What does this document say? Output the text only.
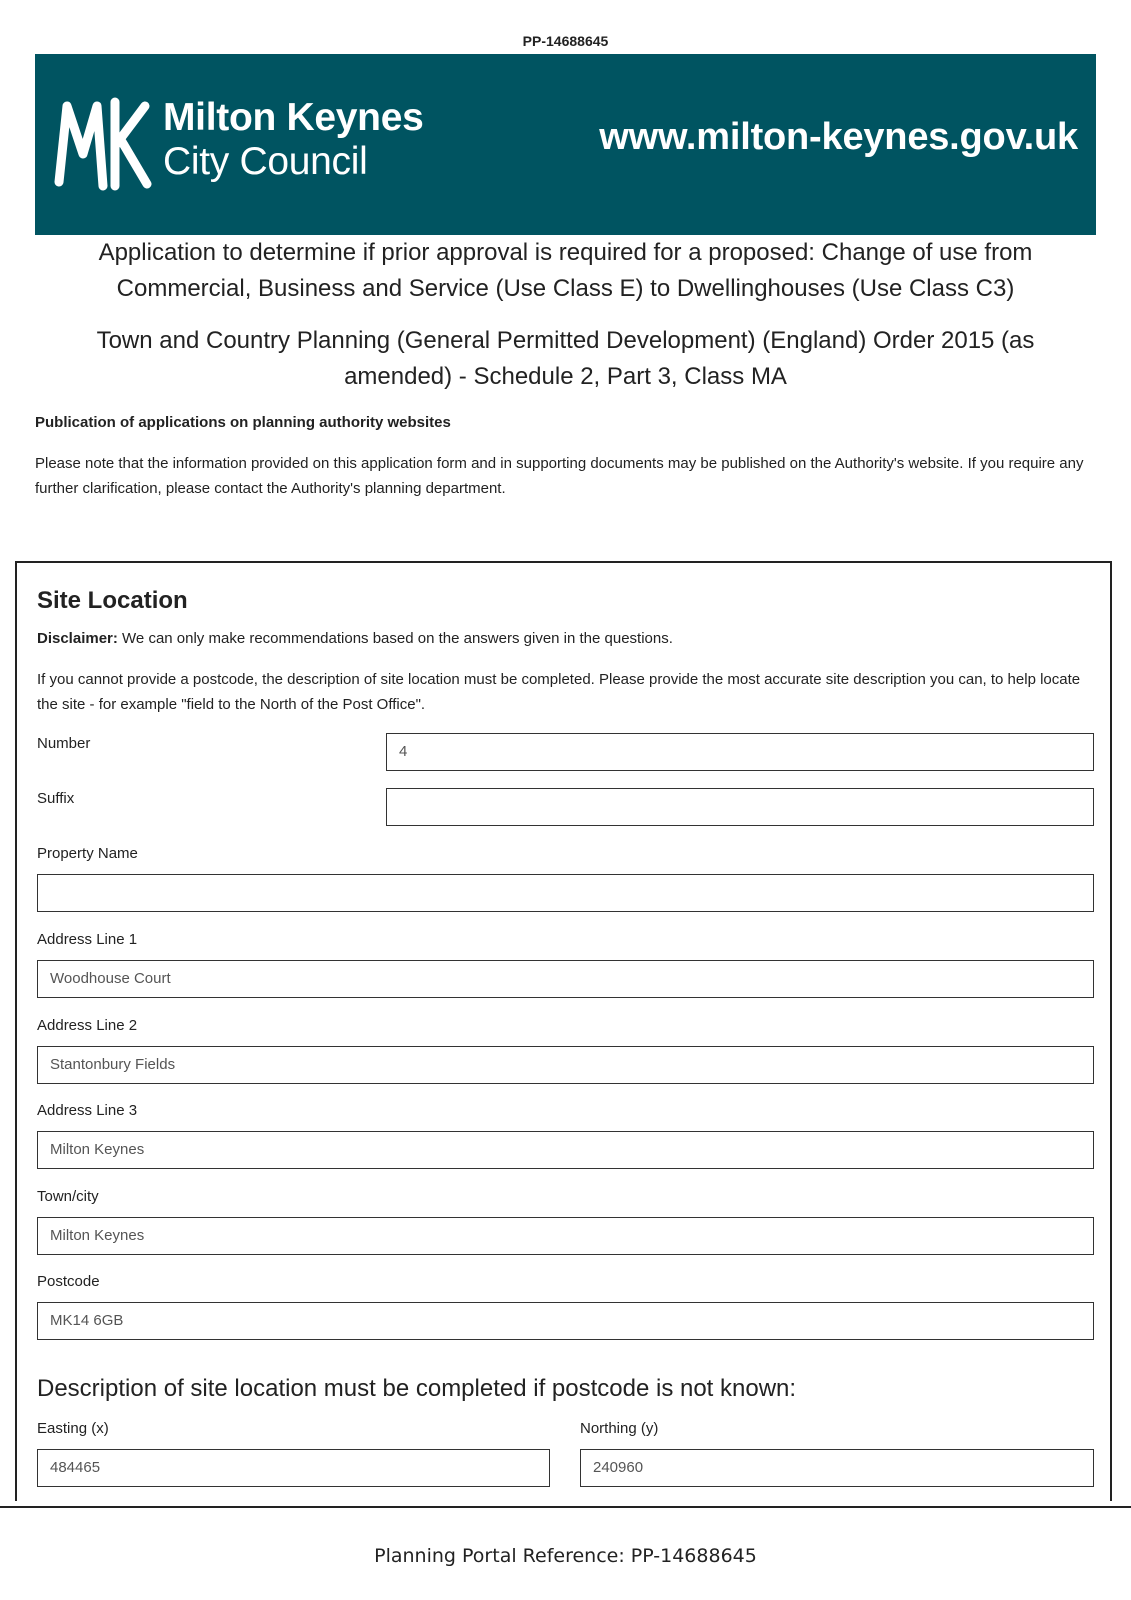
PP-14688645
Milton Keynes
City Council
www.milton-keynes.gov.uk
Application to determine if prior approval is required for a proposed: Change of use from Commercial, Business and Service (Use Class E) to Dwellinghouses (Use Class C3)
Town and Country Planning (General Permitted Development) (England) Order 2015 (as amended) - Schedule 2, Part 3, Class MA
Publication of applications on planning authority websites
Please note that the information provided on this application form and in supporting documents may be published on the Authority's website. If you require any further clarification, please contact the Authority's planning department.
Site Location
Disclaimer: We can only make recommendations based on the answers given in the questions.
If you cannot provide a postcode, the description of site location must be completed. Please provide the most accurate site description you can, to help locate the site - for example "field to the North of the Post Office".
Number	4
Suffix
Property Name
Address Line 1
Woodhouse Court
Address Line 2
Stantonbury Fields
Address Line 3
Milton Keynes
Town/city
Milton Keynes
Postcode
MK14 6GB
Description of site location must be completed if postcode is not known:
Easting (x)
484465
Northing (y)
240960
Planning Portal Reference: PP-14688645
